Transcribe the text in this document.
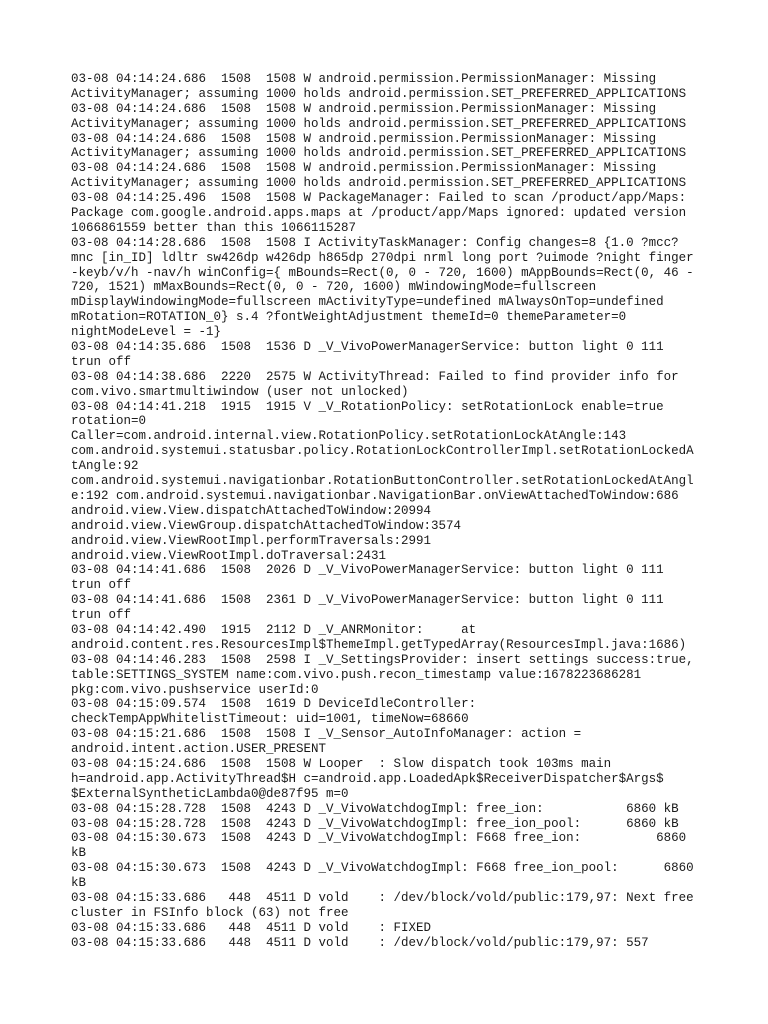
03-08 04:14:24.686  1508  1508 W android.permission.PermissionManager: Missing
ActivityManager; assuming 1000 holds android.permission.SET_PREFERRED_APPLICATIONS
03-08 04:14:24.686  1508  1508 W android.permission.PermissionManager: Missing
ActivityManager; assuming 1000 holds android.permission.SET_PREFERRED_APPLICATIONS
03-08 04:14:24.686  1508  1508 W android.permission.PermissionManager: Missing
ActivityManager; assuming 1000 holds android.permission.SET_PREFERRED_APPLICATIONS
03-08 04:14:24.686  1508  1508 W android.permission.PermissionManager: Missing
ActivityManager; assuming 1000 holds android.permission.SET_PREFERRED_APPLICATIONS
03-08 04:14:25.496  1508  1508 W PackageManager: Failed to scan /product/app/Maps:
Package com.google.android.apps.maps at /product/app/Maps ignored: updated version
1066861559 better than this 1066115287
03-08 04:14:28.686  1508  1508 I ActivityTaskManager: Config changes=8 {1.0 ?mcc?
mnc [in_ID] ldltr sw426dp w426dp h865dp 270dpi nrml long port ?uimode ?night finger
-keyb/v/h -nav/h winConfig={ mBounds=Rect(0, 0 - 720, 1600) mAppBounds=Rect(0, 46 -
720, 1521) mMaxBounds=Rect(0, 0 - 720, 1600) mWindowingMode=fullscreen
mDisplayWindowingMode=fullscreen mActivityType=undefined mAlwaysOnTop=undefined
mRotation=ROTATION_0} s.4 ?fontWeightAdjustment themeId=0 themeParameter=0
nightModeLevel = -1}
03-08 04:14:35.686  1508  1536 D _V_VivoPowerManagerService: button light 0 111
trun off
03-08 04:14:38.686  2220  2575 W ActivityThread: Failed to find provider info for
com.vivo.smartmultiwindow (user not unlocked)
03-08 04:14:41.218  1915  1915 V _V_RotationPolicy: setRotationLock enable=true
rotation=0
Caller=com.android.internal.view.RotationPolicy.setRotationLockAtAngle:143
com.android.systemui.statusbar.policy.RotationLockControllerImpl.setRotationLockedA
tAngle:92
com.android.systemui.navigationbar.RotationButtonController.setRotationLockedAtAngl
e:192 com.android.systemui.navigationbar.NavigationBar.onViewAttachedToWindow:686
android.view.View.dispatchAttachedToWindow:20994
android.view.ViewGroup.dispatchAttachedToWindow:3574
android.view.ViewRootImpl.performTraversals:2991
android.view.ViewRootImpl.doTraversal:2431
03-08 04:14:41.686  1508  2026 D _V_VivoPowerManagerService: button light 0 111
trun off
03-08 04:14:41.686  1508  2361 D _V_VivoPowerManagerService: button light 0 111
trun off
03-08 04:14:42.490  1915  2112 D _V_ANRMonitor:     at
android.content.res.ResourcesImpl$ThemeImpl.getTypedArray(ResourcesImpl.java:1686)
03-08 04:14:46.283  1508  2598 I _V_SettingsProvider: insert settings success:true,
table:SETTINGS_SYSTEM name:com.vivo.push.recon_timestamp value:1678223686281
pkg:com.vivo.pushservice userId:0
03-08 04:15:09.574  1508  1619 D DeviceIdleController:
checkTempAppWhitelistTimeout: uid=1001, timeNow=68660
03-08 04:15:21.686  1508  1508 I _V_Sensor_AutoInfoManager: action =
android.intent.action.USER_PRESENT
03-08 04:15:24.686  1508  1508 W Looper  : Slow dispatch took 103ms main
h=android.app.ActivityThread$H c=android.app.LoadedApk$ReceiverDispatcher$Args$
$ExternalSyntheticLambda0@de87f95 m=0
03-08 04:15:28.728  1508  4243 D _V_VivoWatchdogImpl: free_ion:           6860 kB
03-08 04:15:28.728  1508  4243 D _V_VivoWatchdogImpl: free_ion_pool:      6860 kB
03-08 04:15:30.673  1508  4243 D _V_VivoWatchdogImpl: F668 free_ion:          6860
kB
03-08 04:15:30.673  1508  4243 D _V_VivoWatchdogImpl: F668 free_ion_pool:      6860
kB
03-08 04:15:33.686   448  4511 D vold    : /dev/block/vold/public:179,97: Next free
cluster in FSInfo block (63) not free
03-08 04:15:33.686   448  4511 D vold    : FIXED
03-08 04:15:33.686   448  4511 D vold    : /dev/block/vold/public:179,97: 557
